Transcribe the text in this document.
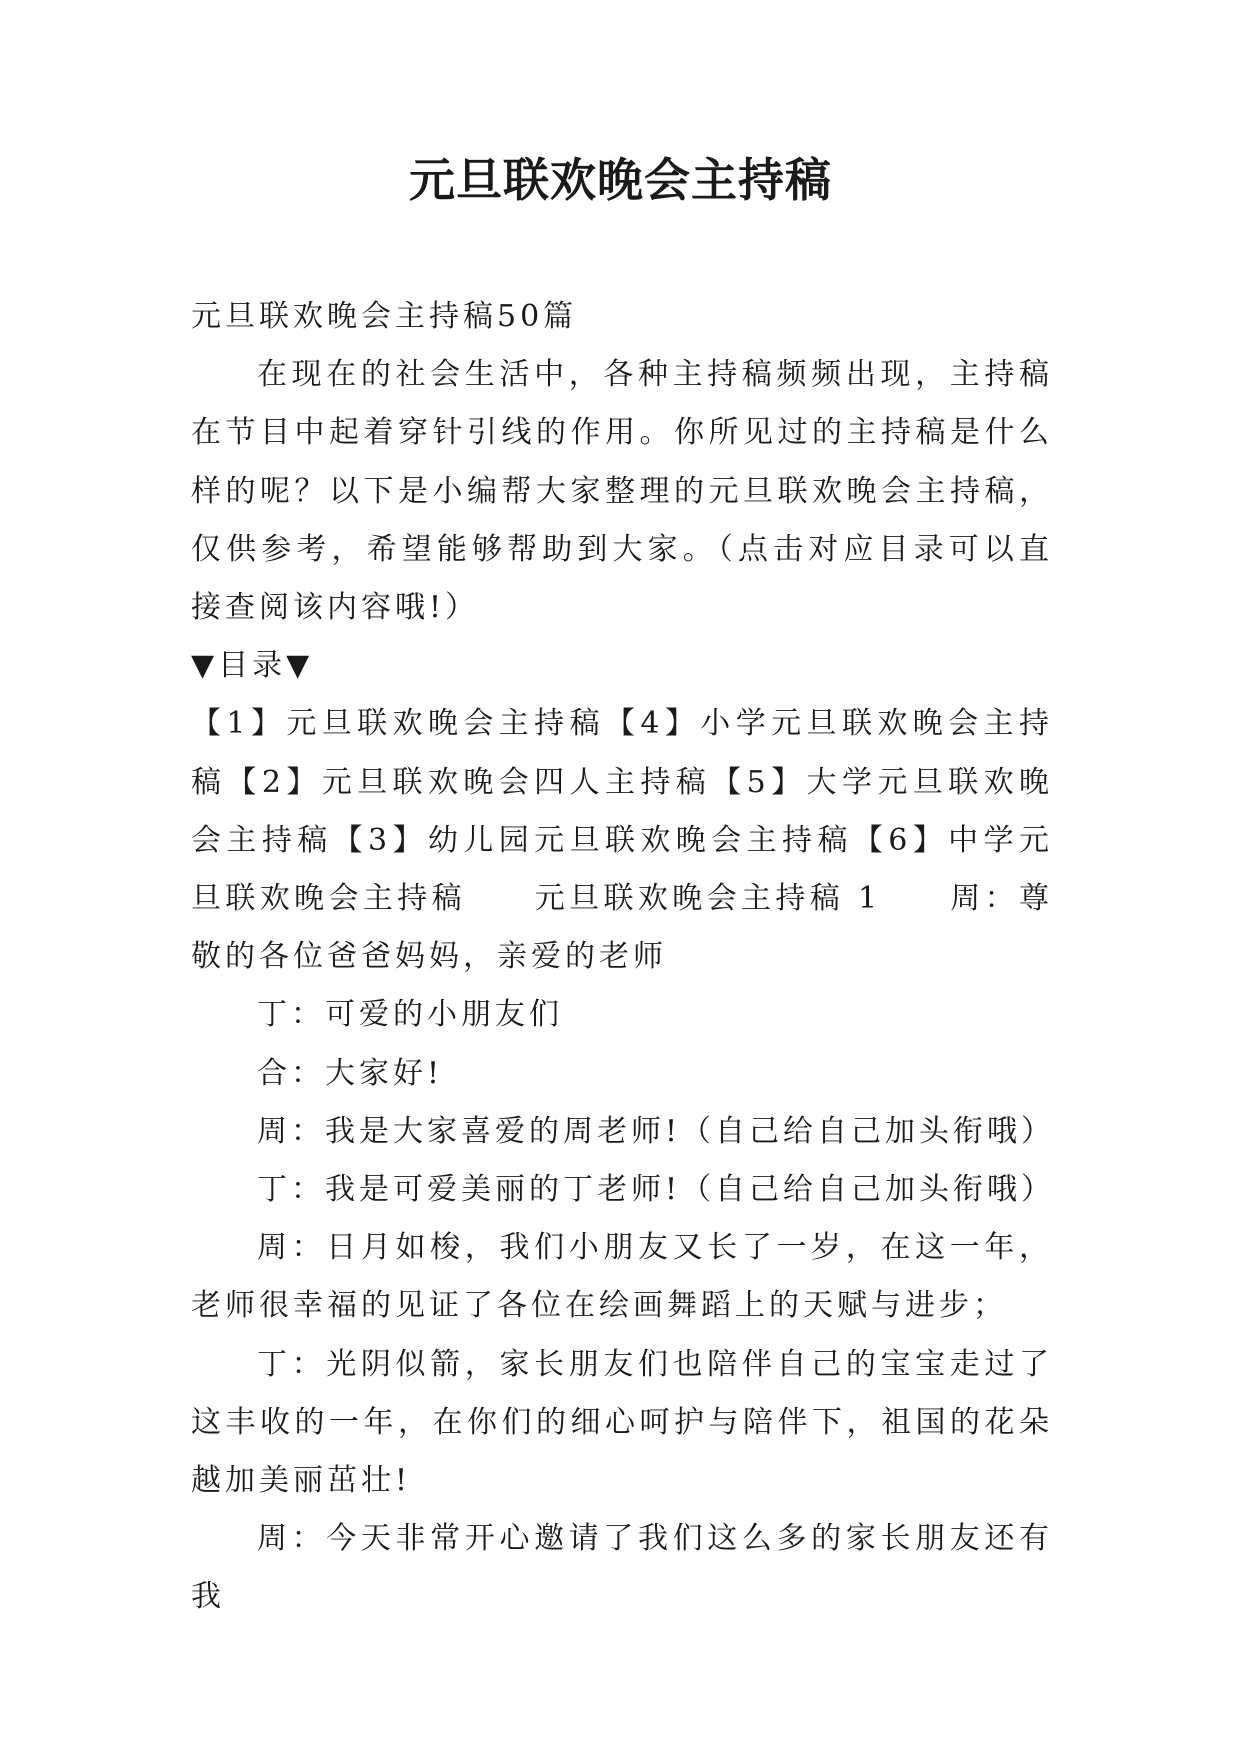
元旦联欢晚会主持稿

元旦联欢晚会主持稿50篇

在现在的社会生活中，各种主持稿频频出现，主持稿在节目中起着穿针引线的作用。你所见过的主持稿是什么样的呢？以下是小编帮大家整理的元旦联欢晚会主持稿，仅供参考，希望能够帮助到大家。（点击对应目录可以直接查阅该内容哦!）

▼目录▼

【1】元旦联欢晚会主持稿【4】小学元旦联欢晚会主持稿【2】元旦联欢晚会四人主持稿【5】大学元旦联欢晚会主持稿【3】幼儿园元旦联欢晚会主持稿【6】中学元旦联欢晚会主持稿　　元旦联欢晚会主持稿 1　　周：尊敬的各位爸爸妈妈，亲爱的老师

丁：可爱的小朋友们

合：大家好!

周：我是大家喜爱的周老师!（自己给自己加头衔哦）

丁：我是可爱美丽的丁老师!（自己给自己加头衔哦）

周：日月如梭，我们小朋友又长了一岁，在这一年，老师很幸福的见证了各位在绘画舞蹈上的天赋与进步；

丁：光阴似箭，家长朋友们也陪伴自己的宝宝走过了这丰收的一年，在你们的细心呵护与陪伴下，祖国的花朵越加美丽茁壮!

周：今天非常开心邀请了我们这么多的家长朋友还有我
